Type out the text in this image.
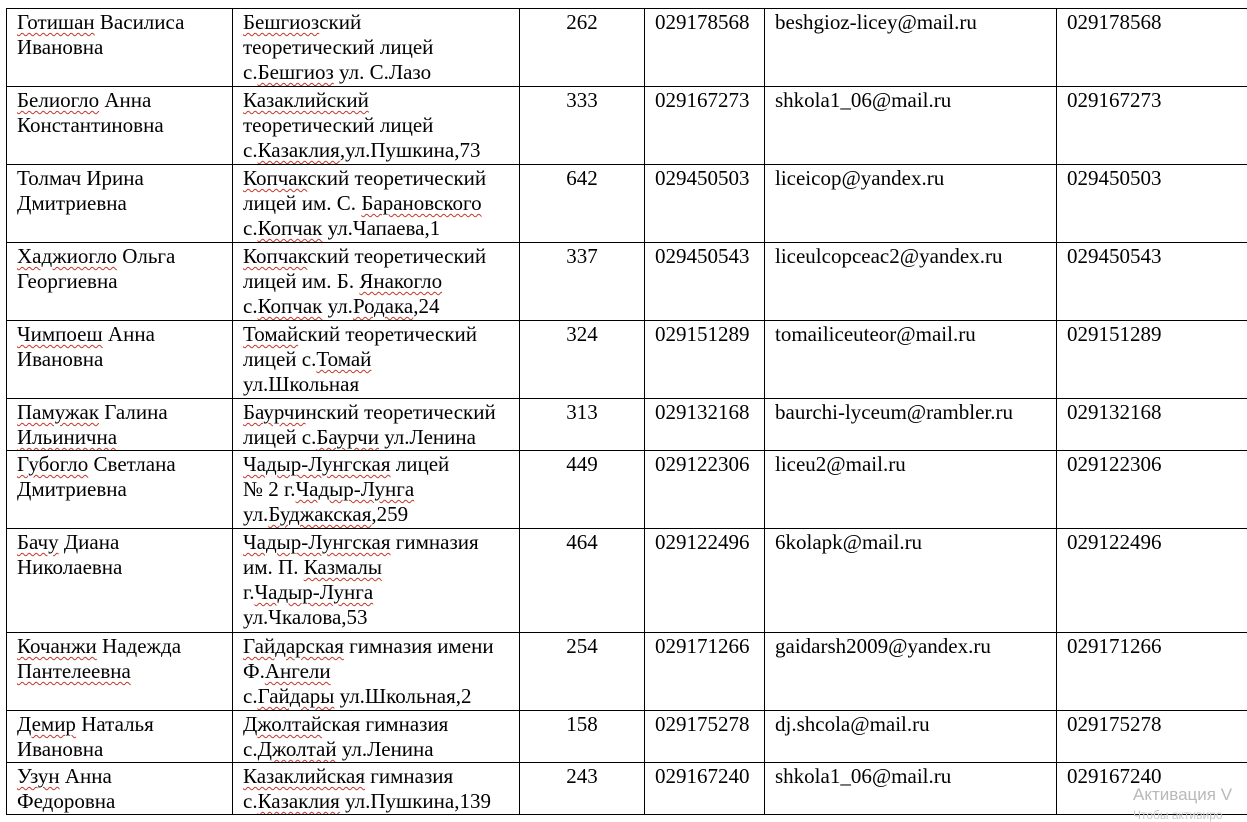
Готишан Василиса
Ивановна	Бешгиозский
теоретический лицей
с.Бешгиоз ул. С.Лазо	262	029178568	beshgioz-licey@mail.ru	029178568

Белиогло Анна
Константиновна	Казаклийский
теоретический лицей
с.Казаклия,ул.Пушкина,73	333	029167273	shkola1_06@mail.ru	029167273

Толмач Ирина
Дмитриевна	Копчакский теоретический
лицей им. С. Барановского
с.Копчак ул.Чапаева,1	642	029450503	liceicop@yandex.ru	029450503

Хаджиогло Ольга
Георгиевна	Копчакский теоретический
лицей им. Б. Янакогло
с.Копчак ул.Родака,24	337	029450543	liceulcopceac2@yandex.ru	029450543

Чимпоеш Анна
Ивановна	Томайский теоретический
лицей с.Томай
ул.Школьная	324	029151289	tomailiceuteor@mail.ru	029151289

Памужак Галина
Ильинична	Баурчинский теоретический
лицей с.Баурчи ул.Ленина	313	029132168	baurchi-lyceum@rambler.ru	029132168

Губогло Светлана
Дмитриевна	Чадыр-Лунгская лицей
№ 2 г.Чадыр-Лунга
ул.Буджакская,259	449	029122306	liceu2@mail.ru	029122306

Бачу Диана
Николаевна	Чадыр-Лунгская гимназия
им. П. Казмалы
г.Чадыр-Лунга
ул.Чкалова,53	464	029122496	6kolapk@mail.ru	029122496

Кочанжи Надежда
Пантелеевна	Гайдарская гимназия имени
Ф.Ангели
с.Гайдары ул.Школьная,2	254	029171266	gaidarsh2009@yandex.ru	029171266

Демир Наталья
Ивановна	Джолтайская гимназия
с.Джолтай ул.Ленина	158	029175278	dj.shcola@mail.ru	029175278

Узун Анна
Федоровна	Казаклийская гимназия
с.Казаклия ул.Пушкина,139	243	029167240	shkola1_06@mail.ru	029167240
Активация V
Чтобы активиро
